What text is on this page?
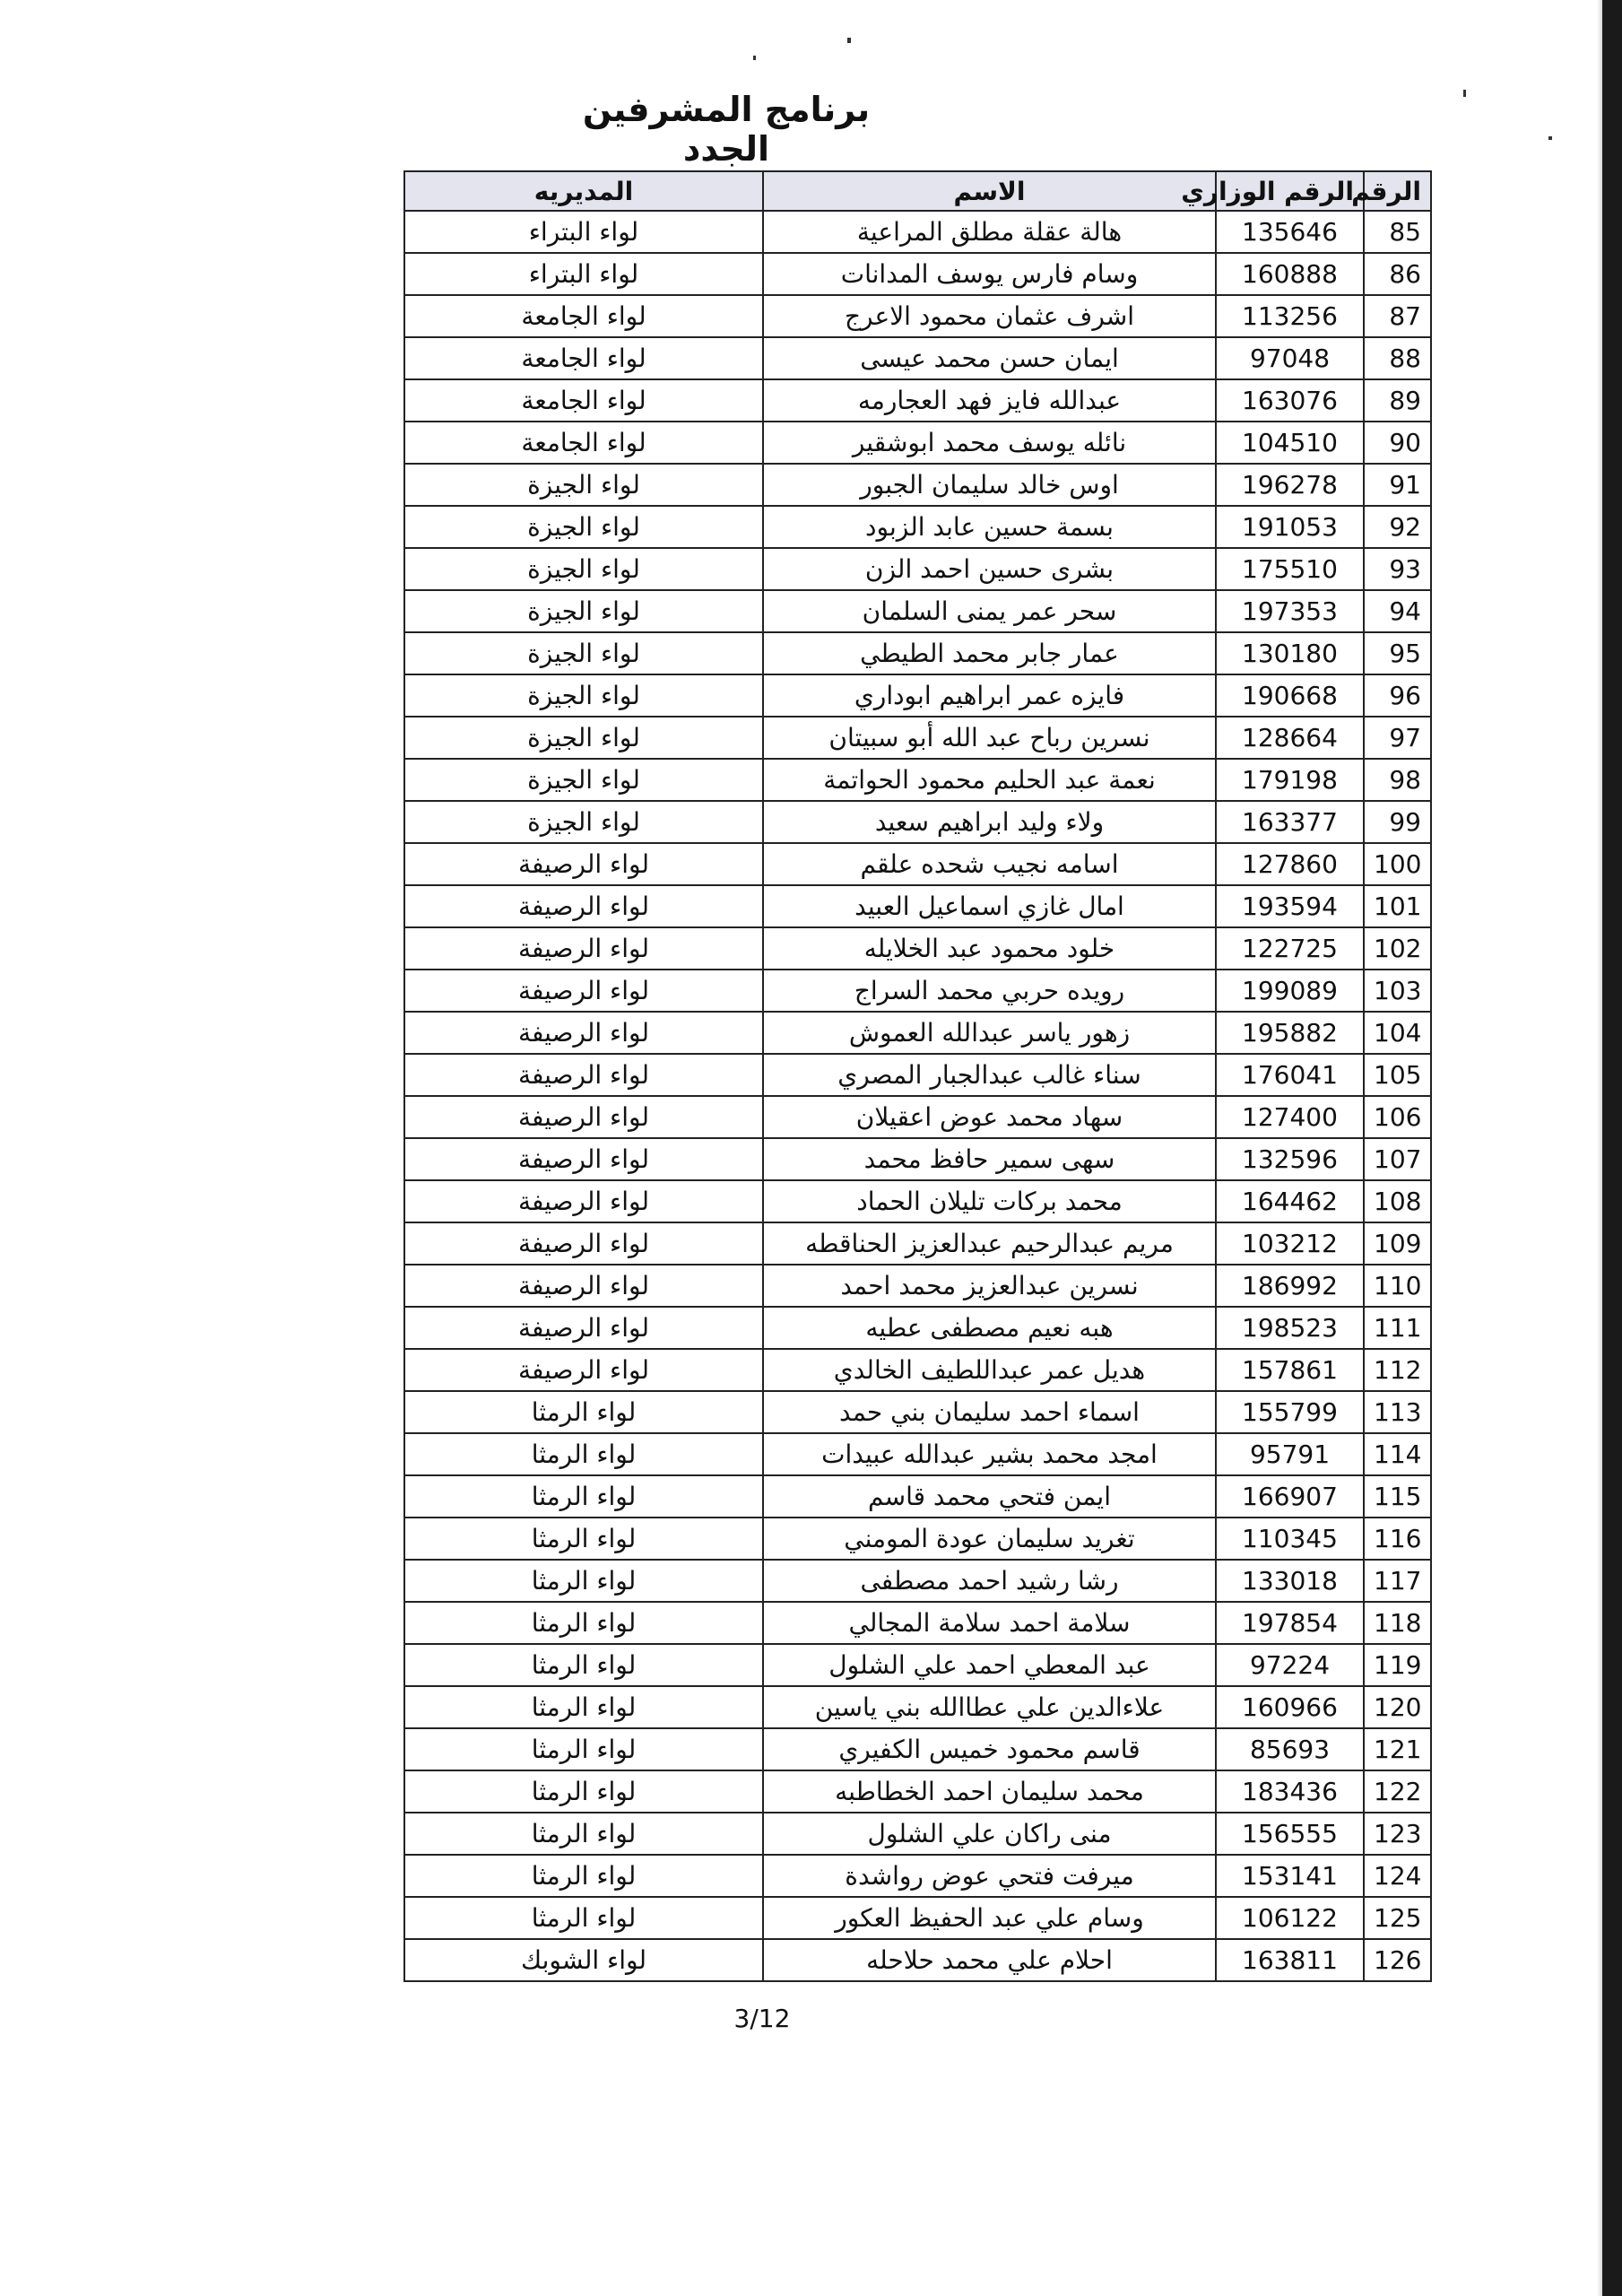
برنامج المشرفين الجدد
الرقم	الرقم الوزاري	الاسم	المديريه
85	135646	هالة عقلة مطلق المراعية	لواء البتراء
86	160888	وسام فارس يوسف المدانات	لواء البتراء
87	113256	اشرف عثمان محمود الاعرج	لواء الجامعة
88	97048	ايمان حسن محمد عيسى	لواء الجامعة
89	163076	عبدالله فايز فهد العجارمه	لواء الجامعة
90	104510	نائله يوسف محمد ابوشقير	لواء الجامعة
91	196278	اوس خالد سليمان الجبور	لواء الجيزة
92	191053	بسمة حسين عابد الزبود	لواء الجيزة
93	175510	بشرى حسين احمد الزن	لواء الجيزة
94	197353	سحر عمر يمنى السلمان	لواء الجيزة
95	130180	عمار جابر محمد الطيطي	لواء الجيزة
96	190668	فايزه عمر ابراهيم ابوداري	لواء الجيزة
97	128664	نسرين رباح عبد الله أبو سبيتان	لواء الجيزة
98	179198	نعمة عبد الحليم محمود الحواتمة	لواء الجيزة
99	163377	ولاء وليد ابراهيم سعيد	لواء الجيزة
100	127860	اسامه نجيب شحده علقم	لواء الرصيفة
101	193594	امال غازي اسماعيل العبيد	لواء الرصيفة
102	122725	خلود محمود عبد الخلايله	لواء الرصيفة
103	199089	رويده حربي محمد السراج	لواء الرصيفة
104	195882	زهور ياسر عبدالله العموش	لواء الرصيفة
105	176041	سناء غالب عبدالجبار المصري	لواء الرصيفة
106	127400	سهاد محمد عوض اعقيلان	لواء الرصيفة
107	132596	سهى سمير حافظ محمد	لواء الرصيفة
108	164462	محمد بركات تليلان الحماد	لواء الرصيفة
109	103212	مريم عبدالرحيم عبدالعزيز الحناقطه	لواء الرصيفة
110	186992	نسرين عبدالعزيز محمد احمد	لواء الرصيفة
111	198523	هبه نعيم مصطفى عطيه	لواء الرصيفة
112	157861	هديل عمر عبداللطيف الخالدي	لواء الرصيفة
113	155799	اسماء احمد سليمان بني حمد	لواء الرمثا
114	95791	امجد محمد بشير عبدالله عبيدات	لواء الرمثا
115	166907	ايمن فتحي محمد قاسم	لواء الرمثا
116	110345	تغريد سليمان عودة المومني	لواء الرمثا
117	133018	رشا رشيد احمد مصطفى	لواء الرمثا
118	197854	سلامة احمد سلامة المجالي	لواء الرمثا
119	97224	عبد المعطي احمد علي الشلول	لواء الرمثا
120	160966	علاءالدين علي عطاالله بني ياسين	لواء الرمثا
121	85693	قاسم محمود خميس الكفيري	لواء الرمثا
122	183436	محمد سليمان احمد الخطاطبه	لواء الرمثا
123	156555	منى راكان علي الشلول	لواء الرمثا
124	153141	ميرفت فتحي عوض رواشدة	لواء الرمثا
125	106122	وسام علي عبد الحفيظ العكور	لواء الرمثا
126	163811	احلام علي محمد حلاحله	لواء الشوبك
3/12
